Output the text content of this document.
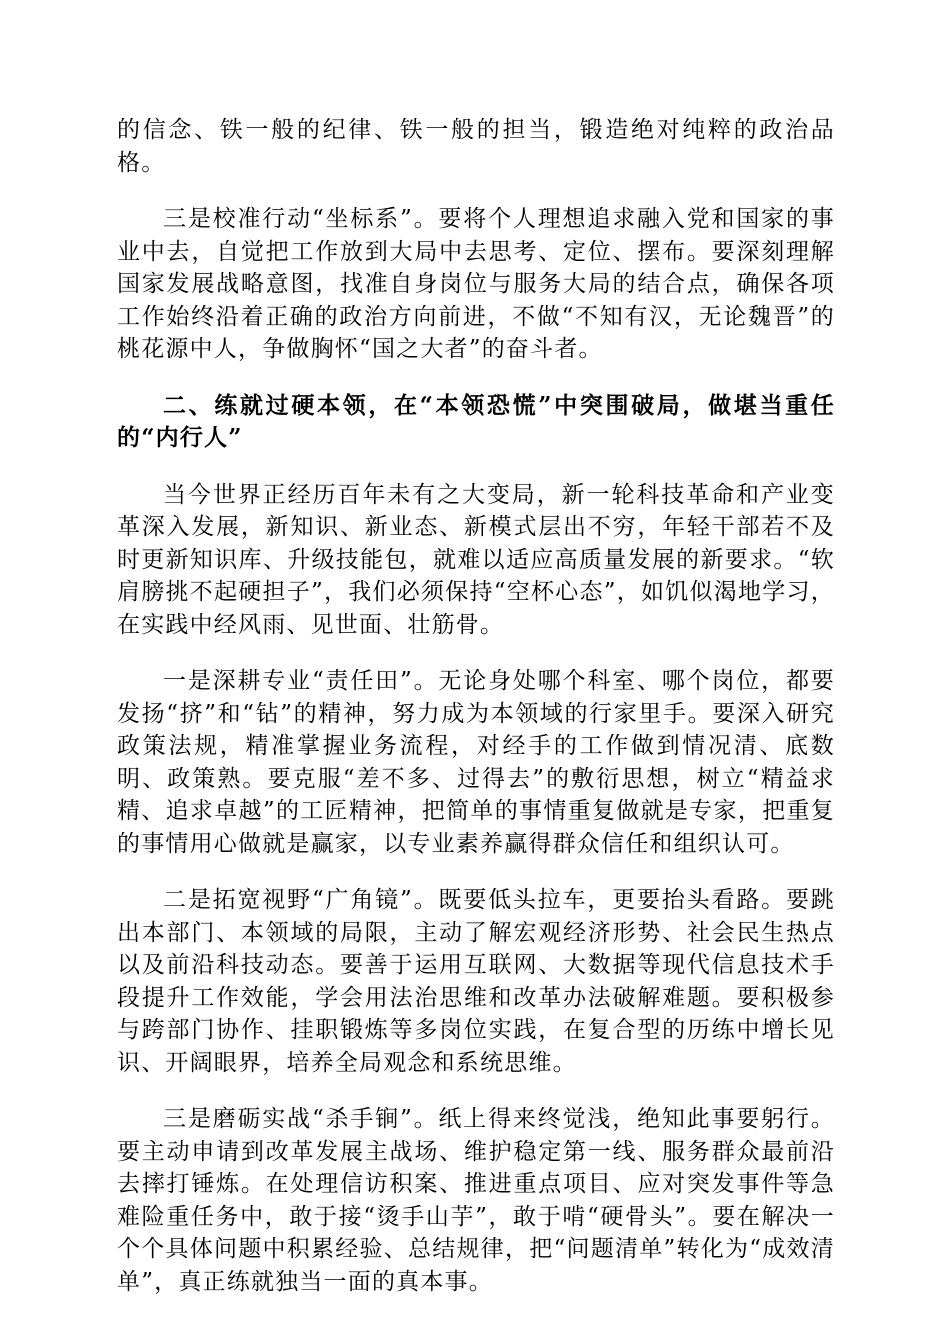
的信念、铁一般的纪律、铁一般的担当，锻造绝对纯粹的政治品格。

三是校准行动“坐标系”。要将个人理想追求融入党和国家的事业中去，自觉把工作放到大局中去思考、定位、摆布。要深刻理解国家发展战略意图，找准自身岗位与服务大局的结合点，确保各项工作始终沿着正确的政治方向前进，不做“不知有汉，无论魏晋”的桃花源中人，争做胸怀“国之大者”的奋斗者。

二、练就过硬本领，在“本领恐慌”中突围破局，做堪当重任的“内行人”

当今世界正经历百年未有之大变局，新一轮科技革命和产业变革深入发展，新知识、新业态、新模式层出不穷，年轻干部若不及时更新知识库、升级技能包，就难以适应高质量发展的新要求。“软肩膀挑不起硬担子”，我们必须保持“空杯心态”，如饥似渴地学习，在实践中经风雨、见世面、壮筋骨。

一是深耕专业“责任田”。无论身处哪个科室、哪个岗位，都要发扬“挤”和“钻”的精神，努力成为本领域的行家里手。要深入研究政策法规，精准掌握业务流程，对经手的工作做到情况清、底数明、政策熟。要克服“差不多、过得去”的敷衍思想，树立“精益求精、追求卓越”的工匠精神，把简单的事情重复做就是专家，把重复的事情用心做就是赢家，以专业素养赢得群众信任和组织认可。

二是拓宽视野“广角镜”。既要低头拉车，更要抬头看路。要跳出本部门、本领域的局限，主动了解宏观经济形势、社会民生热点以及前沿科技动态。要善于运用互联网、大数据等现代信息技术手段提升工作效能，学会用法治思维和改革办法破解难题。要积极参与跨部门协作、挂职锻炼等多岗位实践，在复合型的历练中增长见识、开阔眼界，培养全局观念和系统思维。

三是磨砺实战“杀手锏”。纸上得来终觉浅，绝知此事要躬行。要主动申请到改革发展主战场、维护稳定第一线、服务群众最前沿去摔打锤炼。在处理信访积案、推进重点项目、应对突发事件等急难险重任务中，敢于接“烫手山芋”，敢于啃“硬骨头”。要在解决一个个具体问题中积累经验、总结规律，把“问题清单”转化为“成效清单”，真正练就独当一面的真本事。
